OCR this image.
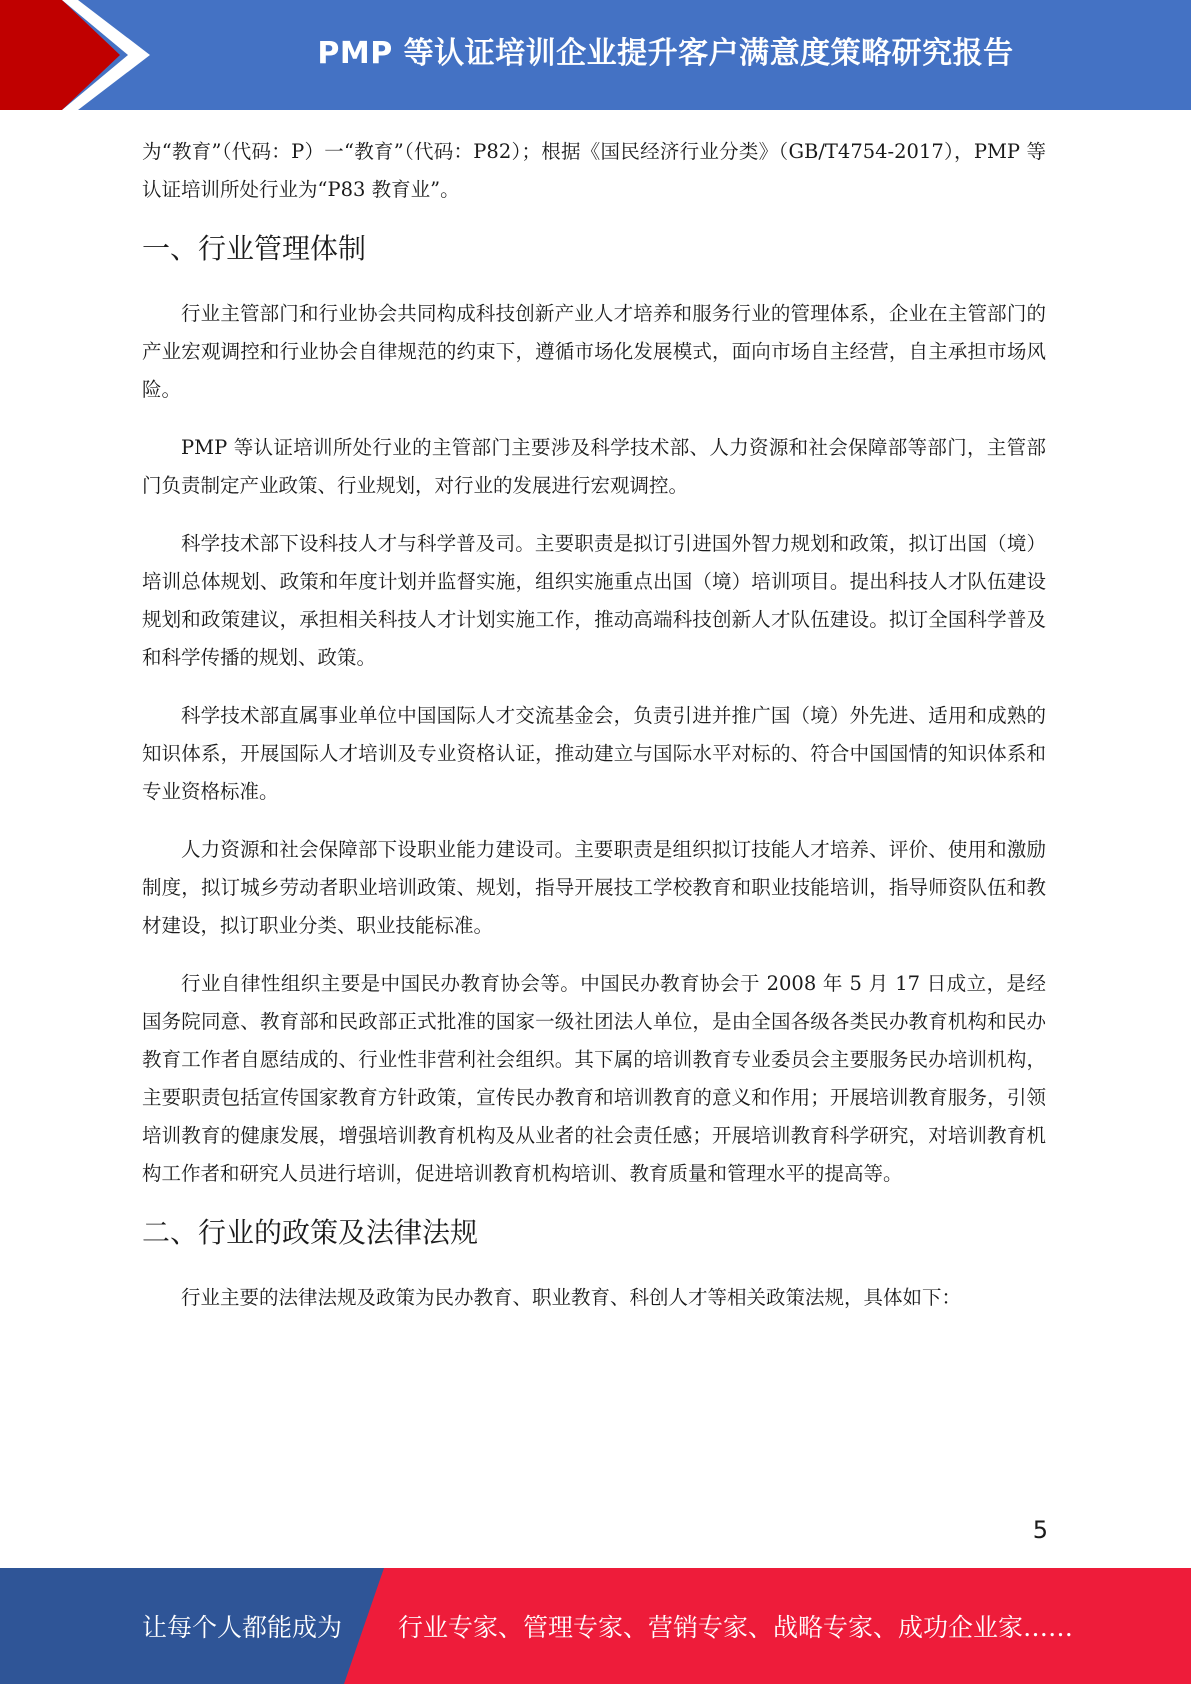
PMP 等认证培训企业提升客户满意度策略研究报告

为“教育”（代码：P）一“教育”（代码：P82）；根据《国民经济行业分类》（GB/T4754-2017），PMP 等认证培训所处行业为“P83 教育业”。

一、行业管理体制

行业主管部门和行业协会共同构成科技创新产业人才培养和服务行业的管理体系，企业在主管部门的产业宏观调控和行业协会自律规范的约束下，遵循市场化发展模式，面向市场自主经营，自主承担市场风险。

PMP 等认证培训所处行业的主管部门主要涉及科学技术部、人力资源和社会保障部等部门，主管部门负责制定产业政策、行业规划，对行业的发展进行宏观调控。

科学技术部下设科技人才与科学普及司。主要职责是拟订引进国外智力规划和政策，拟订出国（境）培训总体规划、政策和年度计划并监督实施，组织实施重点出国（境）培训项目。提出科技人才队伍建设规划和政策建议，承担相关科技人才计划实施工作，推动高端科技创新人才队伍建设。拟订全国科学普及和科学传播的规划、政策。

科学技术部直属事业单位中国国际人才交流基金会，负责引进并推广国（境）外先进、适用和成熟的知识体系，开展国际人才培训及专业资格认证，推动建立与国际水平对标的、符合中国国情的知识体系和专业资格标准。

人力资源和社会保障部下设职业能力建设司。主要职责是组织拟订技能人才培养、评价、使用和激励制度，拟订城乡劳动者职业培训政策、规划，指导开展技工学校教育和职业技能培训，指导师资队伍和教材建设，拟订职业分类、职业技能标准。

行业自律性组织主要是中国民办教育协会等。中国民办教育协会于 2008 年 5 月 17 日成立，是经国务院同意、教育部和民政部正式批准的国家一级社团法人单位，是由全国各级各类民办教育机构和民办教育工作者自愿结成的、行业性非营利社会组织。其下属的培训教育专业委员会主要服务民办培训机构，主要职责包括宣传国家教育方针政策，宣传民办教育和培训教育的意义和作用；开展培训教育服务，引领培训教育的健康发展，增强培训教育机构及从业者的社会责任感；开展培训教育科学研究，对培训教育机构工作者和研究人员进行培训，促进培训教育机构培训、教育质量和管理水平的提高等。

二、行业的政策及法律法规

行业主要的法律法规及政策为民办教育、职业教育、科创人才等相关政策法规，具体如下：

5
让每个人都能成为 行业专家、管理专家、营销专家、战略专家、成功企业家……
